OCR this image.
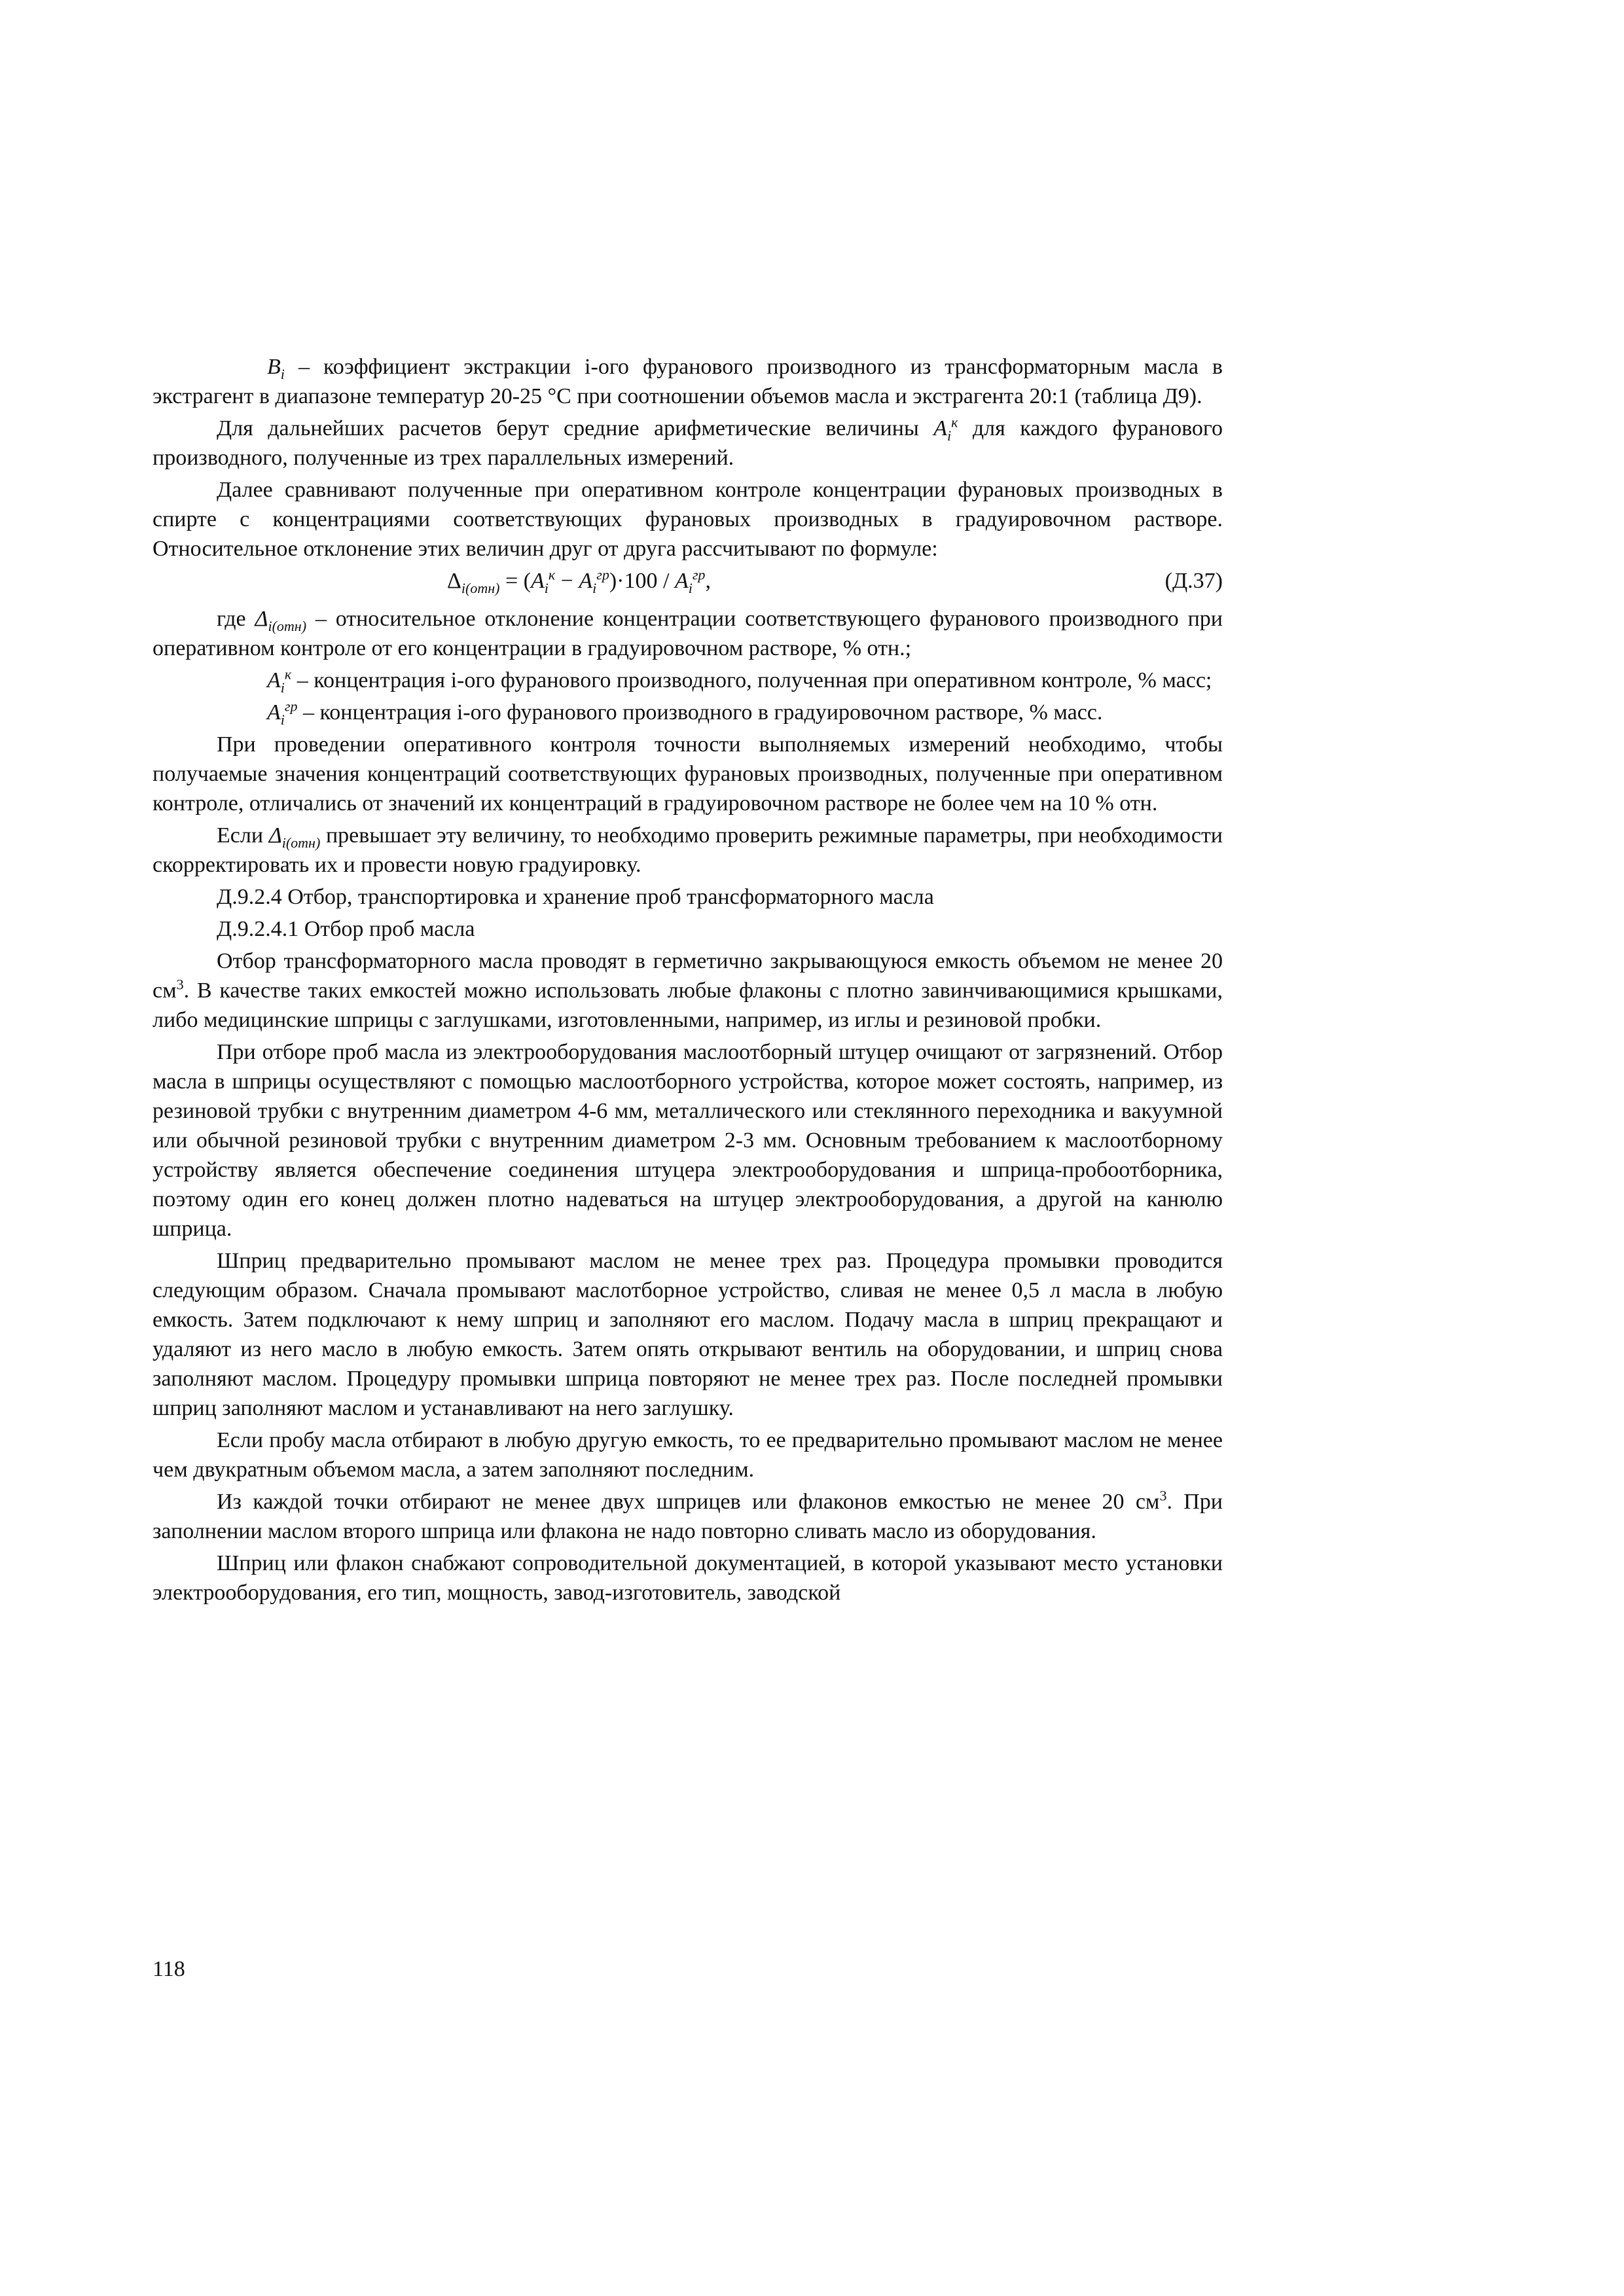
$B_i$ – коэффициент экстракции i-ого фуранового производного из трансформаторным масла в экстрагент в диапазоне температур 20-25 °С при соотношении объемов масла и экстрагента 20:1 (таблица Д9).

Для дальнейших расчетов берут средние арифметические величины $A_i^к$ для каждого фуранового производного, полученные из трех параллельных измерений.

Далее сравнивают полученные при оперативном контроле концентрации фурановых производных в спирте с концентрациями соответствующих фурановых производных в градуировочном растворе. Относительное отклонение этих величин друг от друга рассчитывают по формуле:

$\Delta_{i(отн)} = (A_i^к - A_i^{гр})\cdot 100 / A_i^{гр}$,	(Д.37)

где $\Delta_{i(отн)}$ – относительное отклонение концентрации соответствующего фуранового производного при оперативном контроле от его концентрации в градуировочном растворе, % отн.;

$A_i^к$ – концентрация i-ого фуранового производного, полученная при оперативном контроле, % масс;

$A_i^{гр}$ – концентрация i-ого фуранового производного в градуировочном растворе, % масс.

При проведении оперативного контроля точности выполняемых измерений необходимо, чтобы получаемые значения концентраций соответствующих фурановых производных, полученные при оперативном контроле, отличались от значений их концентраций в градуировочном растворе не более чем на 10 % отн.

Если $\Delta_{i(отн)}$ превышает эту величину, то необходимо проверить режимные параметры, при необходимости скорректировать их и провести новую градуировку.

Д.9.2.4 Отбор, транспортировка и хранение проб трансформаторного масла

Д.9.2.4.1 Отбор проб масла

Отбор трансформаторного масла проводят в герметично закрывающуюся емкость объемом не менее 20 $см^3$. В качестве таких емкостей можно использовать любые флаконы с плотно завинчивающимися крышками, либо медицинские шприцы с заглушками, изготовленными, например, из иглы и резиновой пробки.

При отборе проб масла из электрооборудования маслоотборный штуцер очищают от загрязнений. Отбор масла в шприцы осуществляют с помощью маслоотборного устройства, которое может состоять, например, из резиновой трубки с внутренним диаметром 4-6 мм, металлического или стеклянного переходника и вакуумной или обычной резиновой трубки с внутренним диаметром 2-3 мм. Основным требованием к маслоотборному устройству является обеспечение соединения штуцера электрооборудования и шприца-пробоотборника, поэтому один его конец должен плотно надеваться на штуцер электрооборудования, а другой на канюлю шприца.

Шприц предварительно промывают маслом не менее трех раз. Процедура промывки проводится следующим образом. Сначала промывают маслотборное устройство, сливая не менее 0,5 л масла в любую емкость. Затем подключают к нему шприц и заполняют его маслом. Подачу масла в шприц прекращают и удаляют из него масло в любую емкость. Затем опять открывают вентиль на оборудовании, и шприц снова заполняют маслом. Процедуру промывки шприца повторяют не менее трех раз. После последней промывки шприц заполняют маслом и устанавливают на него заглушку.

Если пробу масла отбирают в любую другую емкость, то ее предварительно промывают маслом не менее чем двукратным объемом масла, а затем заполняют последним.

Из каждой точки отбирают не менее двух шприцев или флаконов емкостью не менее 20 $см^3$. При заполнении маслом второго шприца или флакона не надо повторно сливать масло из оборудования.

Шприц или флакон снабжают сопроводительной документацией, в которой указывают место установки электрооборудования, его тип, мощность, завод-изготовитель, заводской

118
